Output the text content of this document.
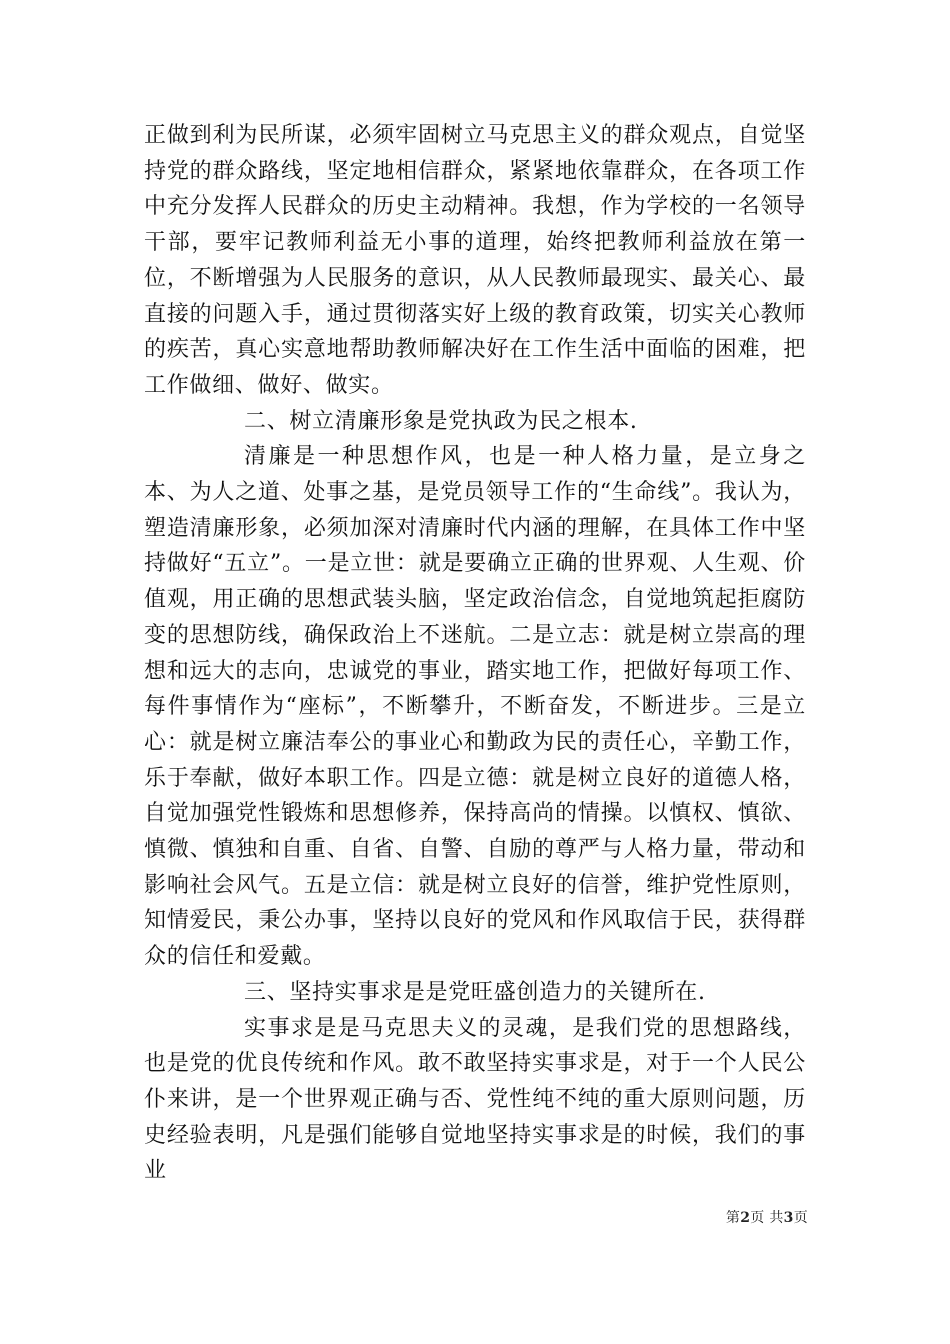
正做到利为民所谋，必须牢固树立马克思主义的群众观点，自觉坚持党的群众路线，坚定地相信群众，紧紧地依靠群众，在各项工作中充分发挥人民群众的历史主动精神。我想，作为学校的一名领导干部，要牢记教师利益无小事的道理，始终把教师利益放在第一位，不断增强为人民服务的意识，从人民教师最现实、最关心、最直接的问题入手，通过贯彻落实好上级的教育政策，切实关心教师的疾苦，真心实意地帮助教师解决好在工作生活中面临的困难，把工作做细、做好、做实。

二、树立清廉形象是党执政为民之根本.

清廉是一种思想作风，也是一种人格力量，是立身之本、为人之道、处事之基，是党员领导工作的“生命线”。我认为，塑造清廉形象，必须加深对清廉时代内涵的理解，在具体工作中坚持做好“五立”。一是立世：就是要确立正确的世界观、人生观、价值观，用正确的思想武装头脑，坚定政治信念，自觉地筑起拒腐防变的思想防线，确保政治上不迷航。二是立志：就是树立崇高的理想和远大的志向，忠诚党的事业，踏实地工作，把做好每项工作、每件事情作为“座标”，不断攀升，不断奋发，不断进步。三是立心：就是树立廉洁奉公的事业心和勤政为民的责任心，辛勤工作，乐于奉献，做好本职工作。四是立德：就是树立良好的道德人格，自觉加强党性锻炼和思想修养，保持高尚的情操。以慎权、慎欲、慎微、慎独和自重、自省、自警、自励的尊严与人格力量，带动和影响社会风气。五是立信：就是树立良好的信誉，维护党性原则，知情爱民，秉公办事，坚持以良好的党风和作风取信于民，获得群众的信任和爱戴。

三、坚持实事求是是党旺盛创造力的关键所在.

实事求是是马克思夫义的灵魂，是我们党的思想路线，也是党的优良传统和作风。敢不敢坚持实事求是，对于一个人民公仆来讲，是一个世界观正确与否、党性纯不纯的重大原则问题，历史经验表明，凡是强们能够自觉地坚持实事求是的时候，我们的事业

第2页 共3页
